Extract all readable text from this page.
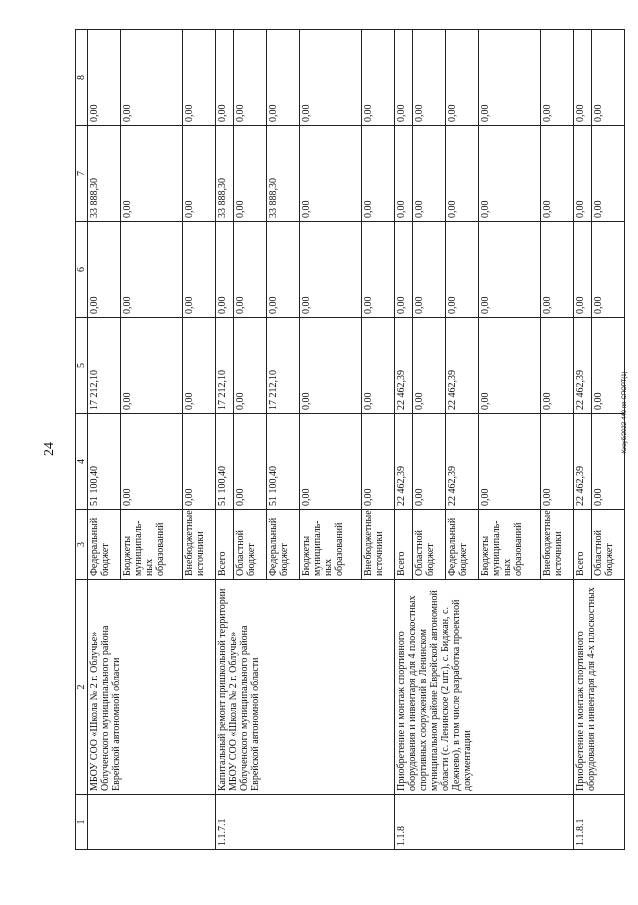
24	Кизуб/2022-440-пп-СПОРТ(1)
1	2	3	4	5	6	7	8
	МБОУ СОО «Школа № 2 г. Облучье» Облученского муниципального района Еврейской автономной области	Федеральный бюджет	51 100,40	17 212,10	0,00	33 888,30	0,00
		Бюджеты муниципаль-ных образований	0,00	0,00	0,00	0,00	0,00
		Внебюджетные источники	0,00	0,00	0,00	0,00	0,00
1.1.7.1	Капитальный ремонт пришкольной территории МБОУ СОО «Школа № 2 г. Облучье» Облученского муниципального района Еврейской автономной области	Всего	51 100,40	17 212,10	0,00	33 888,30	0,00
		Областной бюджет	0,00	0,00	0,00	0,00	0,00
		Федеральный бюджет	51 100,40	17 212,10	0,00	33 888,30	0,00
		Бюджеты муниципаль-ных образований	0,00	0,00	0,00	0,00	0,00
		Внебюджетные источники	0,00	0,00	0,00	0,00	0,00
1.1.8	Приобретение и монтаж спортивного оборудования и инвентаря для 4 плоскостных спортивных сооружений в Ленинском муниципальном районе Еврейской автономной области (с. Ленинское (2 шт.), с. Биджан, с. Дежнево), в том числе разработка проектной документации	Всего	22 462,39	22 462,39	0,00	0,00	0,00
		Областной бюджет	0,00	0,00	0,00	0,00	0,00
		Федеральный бюджет	22 462,39	22 462,39	0,00	0,00	0,00
		Бюджеты муниципаль-ных образований	0,00	0,00	0,00	0,00	0,00
		Внебюджетные источники	0,00	0,00	0,00	0,00	0,00
1.1.8.1	Приобретение и монтаж спортивного оборудования и инвентаря для 4-х плоскостных	Всего	22 462,39	22 462,39	0,00	0,00	0,00
		Областной бюджет	0,00	0,00	0,00	0,00	0,00
